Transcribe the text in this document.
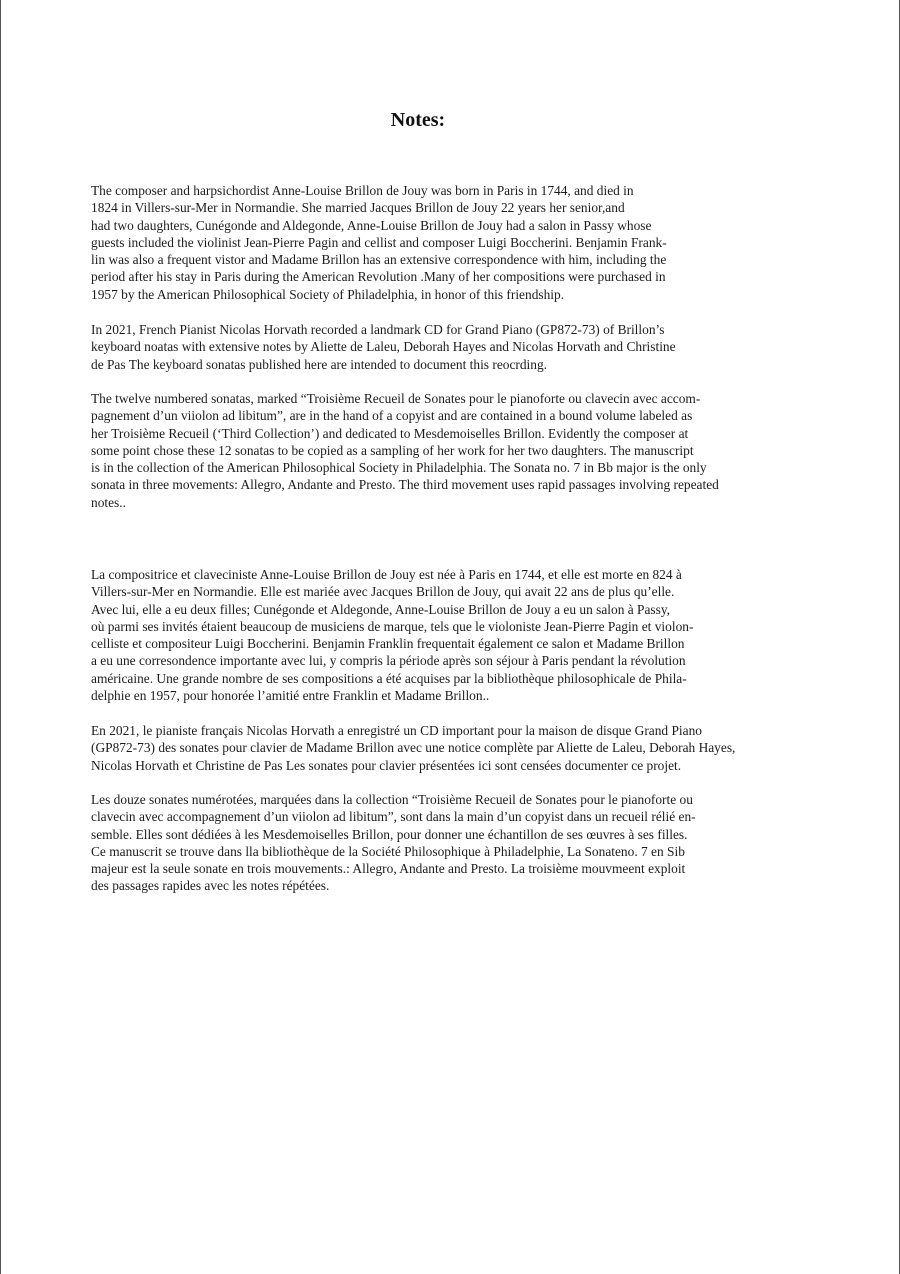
Notes:
The composer and harpsichordist Anne-Louise Brillon de Jouy was born in Paris in 1744, and died in
1824 in Villers-sur-Mer in Normandie. She married Jacques Brillon de Jouy 22 years her senior,and
had two daughters, Cunégonde and Aldegonde, Anne-Louise Brillon de Jouy had a salon in Passy whose
guests included the violinist Jean-Pierre Pagin and cellist and composer Luigi Boccherini. Benjamin Frank-
lin was also a frequent vistor and Madame Brillon has an extensive correspondence with him, including the
period after his stay in Paris during the American Revolution .Many of her compositions were purchased in
1957 by the American Philosophical Society of Philadelphia, in honor of this friendship.
In 2021, French Pianist Nicolas Horvath recorded a landmark CD for Grand Piano (GP872-73) of Brillon’s
keyboard noatas with extensive notes by Aliette de Laleu, Deborah Hayes and Nicolas Horvath and Christine
de Pas The keyboard sonatas published here are intended to document this reocrding.
The twelve numbered sonatas, marked “Troisième Recueil de Sonates pour le pianoforte ou clavecin avec accom-
pagnement d’un viiolon ad libitum”, are in the hand of a copyist and are contained in a bound volume labeled as
her Troisième Recueil (‘Third Collection’) and dedicated to Mesdemoiselles Brillon. Evidently the composer at
some point chose these 12 sonatas to be copied as a sampling of her work for her two daughters. The manuscript
is in the collection of the American Philosophical Society in Philadelphia. The Sonata no. 7 in Bb major is the only
sonata in three movements: Allegro, Andante and Presto. The third movement uses rapid passages involving repeated
notes..
La compositrice et claveciniste Anne-Louise Brillon de Jouy est née à Paris en 1744, et elle est morte en 824 à
Villers-sur-Mer en Normandie. Elle est mariée avec Jacques Brillon de Jouy, qui avait 22 ans de plus qu’elle.
Avec lui, elle a eu deux filles; Cunégonde et Aldegonde, Anne-Louise Brillon de Jouy a eu un salon à Passy,
où parmi ses invités étaient beaucoup de musiciens de marque, tels que le violoniste Jean-Pierre Pagin et violon-
celliste et compositeur Luigi Boccherini. Benjamin Franklin frequentait également ce salon et Madame Brillon
a eu une corresondence importante avec lui, y compris la période après son séjour à Paris pendant la révolution
américaine. Une grande nombre de ses compositions a été acquises par la bibliothèque philosophicale de Phila-
delphie en 1957, pour honorée l’amitié entre Franklin et Madame Brillon..
En 2021, le pianiste français Nicolas Horvath a enregistré un CD important pour la maison de disque Grand Piano
(GP872-73) des sonates pour clavier de Madame Brillon avec une notice complète par Aliette de Laleu, Deborah Hayes,
Nicolas Horvath et Christine de Pas Les sonates pour clavier présentées ici sont censées documenter ce projet.
Les douze sonates numérotées, marquées dans la collection “Troisième Recueil de Sonates pour le pianoforte ou
clavecin avec accompagnement d’un viiolon ad libitum”, sont dans la main d’un copyist dans un recueil rélié en-
semble. Elles sont dédiées à les Mesdemoiselles Brillon, pour donner une échantillon de ses œuvres à ses filles.
Ce manuscrit se trouve dans lla bibliothèque de la Société Philosophique à Philadelphie, La Sonateno. 7 en Sib
majeur est la seule sonate en trois mouvements.: Allegro, Andante and Presto. La troisième mouvmeent exploit
des passages rapides avec les notes répétées.
